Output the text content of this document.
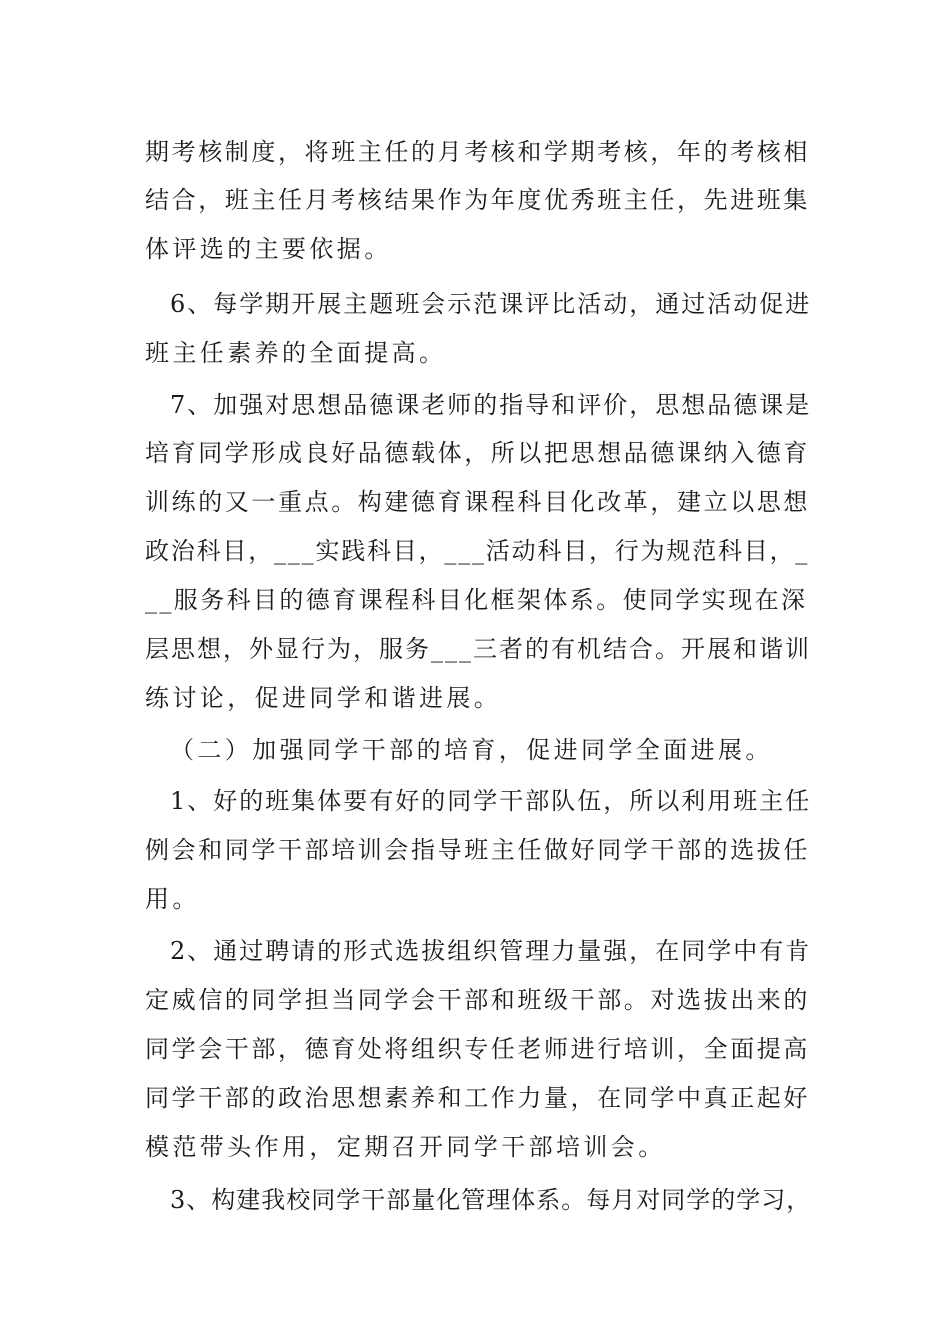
期考核制度，将班主任的月考核和学期考核，年的考核相
结合，班主任月考核结果作为年度优秀班主任，先进班集
体评选的主要依据。
6、每学期开展主题班会示范课评比活动，通过活动促进
班主任素养的全面提高。
7、加强对思想品德课老师的指导和评价，思想品德课是
培育同学形成良好品德载体，所以把思想品德课纳入德育
训练的又一重点。构建德育课程科目化改革，建立以思想
政治科目，___实践科目，___活动科目，行为规范科目，_
__服务科目的德育课程科目化框架体系。使同学实现在深
层思想，外显行为，服务___三者的有机结合。开展和谐训
练讨论，促进同学和谐进展。
（二）加强同学干部的培育，促进同学全面进展。
1、好的班集体要有好的同学干部队伍，所以利用班主任
例会和同学干部培训会指导班主任做好同学干部的选拔任
用。
2、通过聘请的形式选拔组织管理力量强，在同学中有肯
定威信的同学担当同学会干部和班级干部。对选拔出来的
同学会干部，德育处将组织专任老师进行培训，全面提高
同学干部的政治思想素养和工作力量，在同学中真正起好
模范带头作用，定期召开同学干部培训会。
3、构建我校同学干部量化管理体系。每月对同学的学习，
